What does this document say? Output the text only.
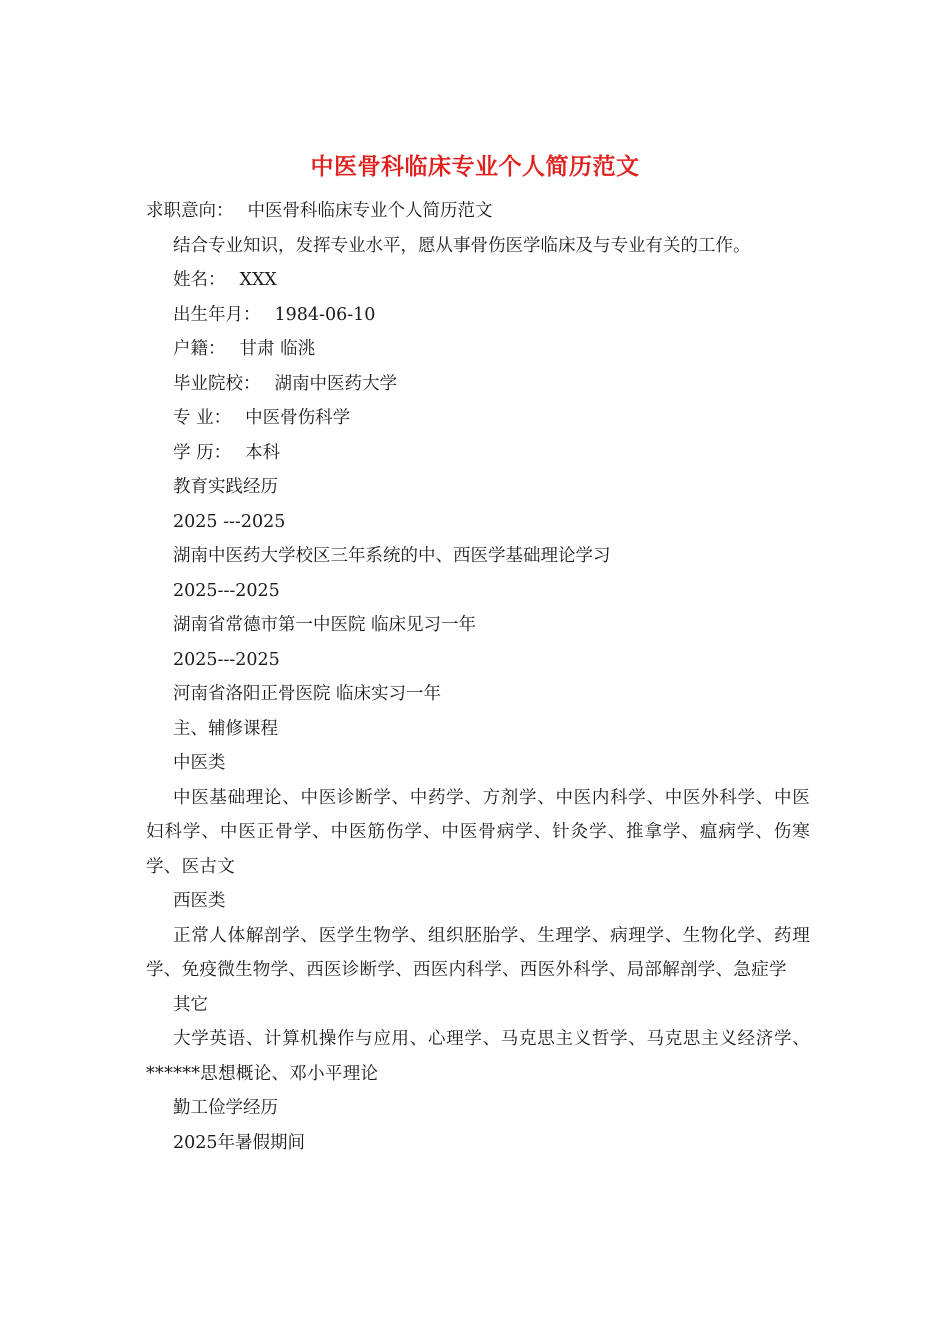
中医骨科临床专业个人简历范文
求职意向： 中医骨科临床专业个人简历范文
结合专业知识，发挥专业水平，愿从事骨伤医学临床及与专业有关的工作。
姓名： XXX
出生年月： 1984-06-10
户籍： 甘肃 临洮
毕业院校： 湖南中医药大学
专 业： 中医骨伤科学
学 历： 本科
教育实践经历
2025 ---2025
湖南中医药大学校区三年系统的中、西医学基础理论学习
2025---2025
湖南省常德市第一中医院 临床见习一年
2025---2025
河南省洛阳正骨医院 临床实习一年
主、辅修课程
中医类
中医基础理论、中医诊断学、中药学、方剂学、中医内科学、中医外科学、中医妇科学、中医正骨学、中医筋伤学、中医骨病学、针灸学、推拿学、瘟病学、伤寒学、医古文
西医类
正常人体解剖学、医学生物学、组织胚胎学、生理学、病理学、生物化学、药理学、免疫微生物学、西医诊断学、西医内科学、西医外科学、局部解剖学、急症学
其它
大学英语、计算机操作与应用、心理学、马克思主义哲学、马克思主义经济学、******思想概论、邓小平理论
勤工俭学经历
2025年暑假期间
